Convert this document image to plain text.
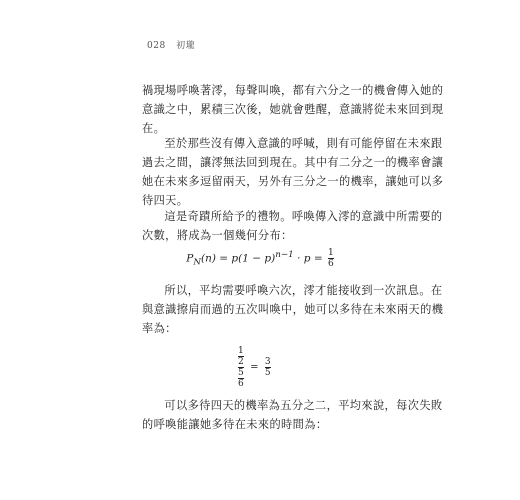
028 初瓏
禍現場呼喚著澪，每聲叫喚，都有六分之一的機會傳入她的
意識之中，累積三次後，她就會甦醒，意識將從未來回到現
在。
至於那些沒有傳入意識的呼喊，則有可能停留在未來跟
過去之間，讓澪無法回到現在。其中有二分之一的機率會讓
她在未來多逗留兩天，另外有三分之一的機率，讓她可以多
待四天。
這是奇蹟所給予的禮物。呼喚傳入澪的意識中所需要的
次數，將成為一個幾何分布：
$P_N(n) = p(1 - p)^{n-1} \cdot p = \frac{1}{6}$
所以，平均需要呼喚六次，澪才能接收到一次訊息。在
與意識擦肩而過的五次叫喚中，她可以多待在未來兩天的機
率為：
$\frac{\frac{1}{2}}{\frac{5}{6}} = \frac{3}{5}$
可以多待四天的機率為五分之二，平均來說，每次失敗
的呼喚能讓她多待在未來的時間為：
